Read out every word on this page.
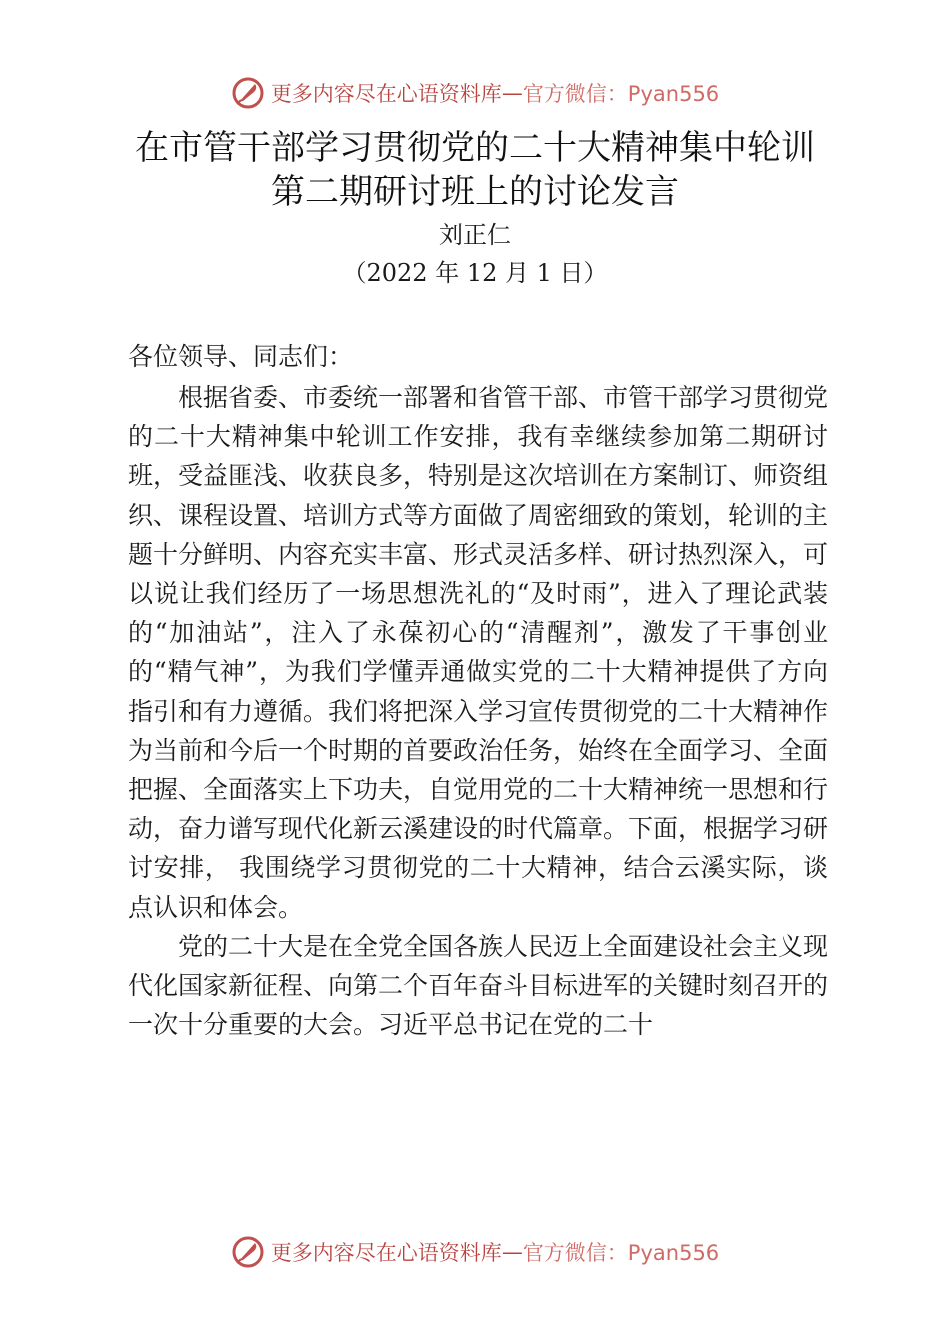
更多内容尽在心语资料库 — 官方微信：Pyan556
在市管干部学习贯彻党的二十大精神集中轮训
第二期研讨班上的讨论发言
刘正仁
（2022 年 12 月 1 日）
各位领导、同志们：

根据省委、市委统一部署和省管干部、市管干部学习贯彻党的二十大精神集中轮训工作安排，我有幸继续参加第二期研讨班，受益匪浅、收获良多，特别是这次培训在方案制订、师资组织、课程设置、培训方式等方面做了周密细致的策划，轮训的主题十分鲜明、内容充实丰富、形式灵活多样、研讨热烈深入，可以说让我们经历了一场思想洗礼的“及时雨”，进入了理论武装的“加油站”，注入了永葆初心的“清醒剂”，激发了干事创业的“精气神”，为我们学懂弄通做实党的二十大精神提供了方向指引和有力遵循。我们将把深入学习宣传贯彻党的二十大精神作为当前和今后一个时期的首要政治任务，始终在全面学习、全面把握、全面落实上下功夫，自觉用党的二十大精神统一思想和行动，奋力谱写现代化新云溪建设的时代篇章。下面，根据学习研讨安排， 我围绕学习贯彻党的二十大精神，结合云溪实际，谈点认识和体会。

党的二十大是在全党全国各族人民迈上全面建设社会主义现代化国家新征程、向第二个百年奋斗目标进军的关键时刻召开的一次十分重要的大会。习近平总书记在党的二十

更多内容尽在心语资料库 — 官方微信：Pyan556
